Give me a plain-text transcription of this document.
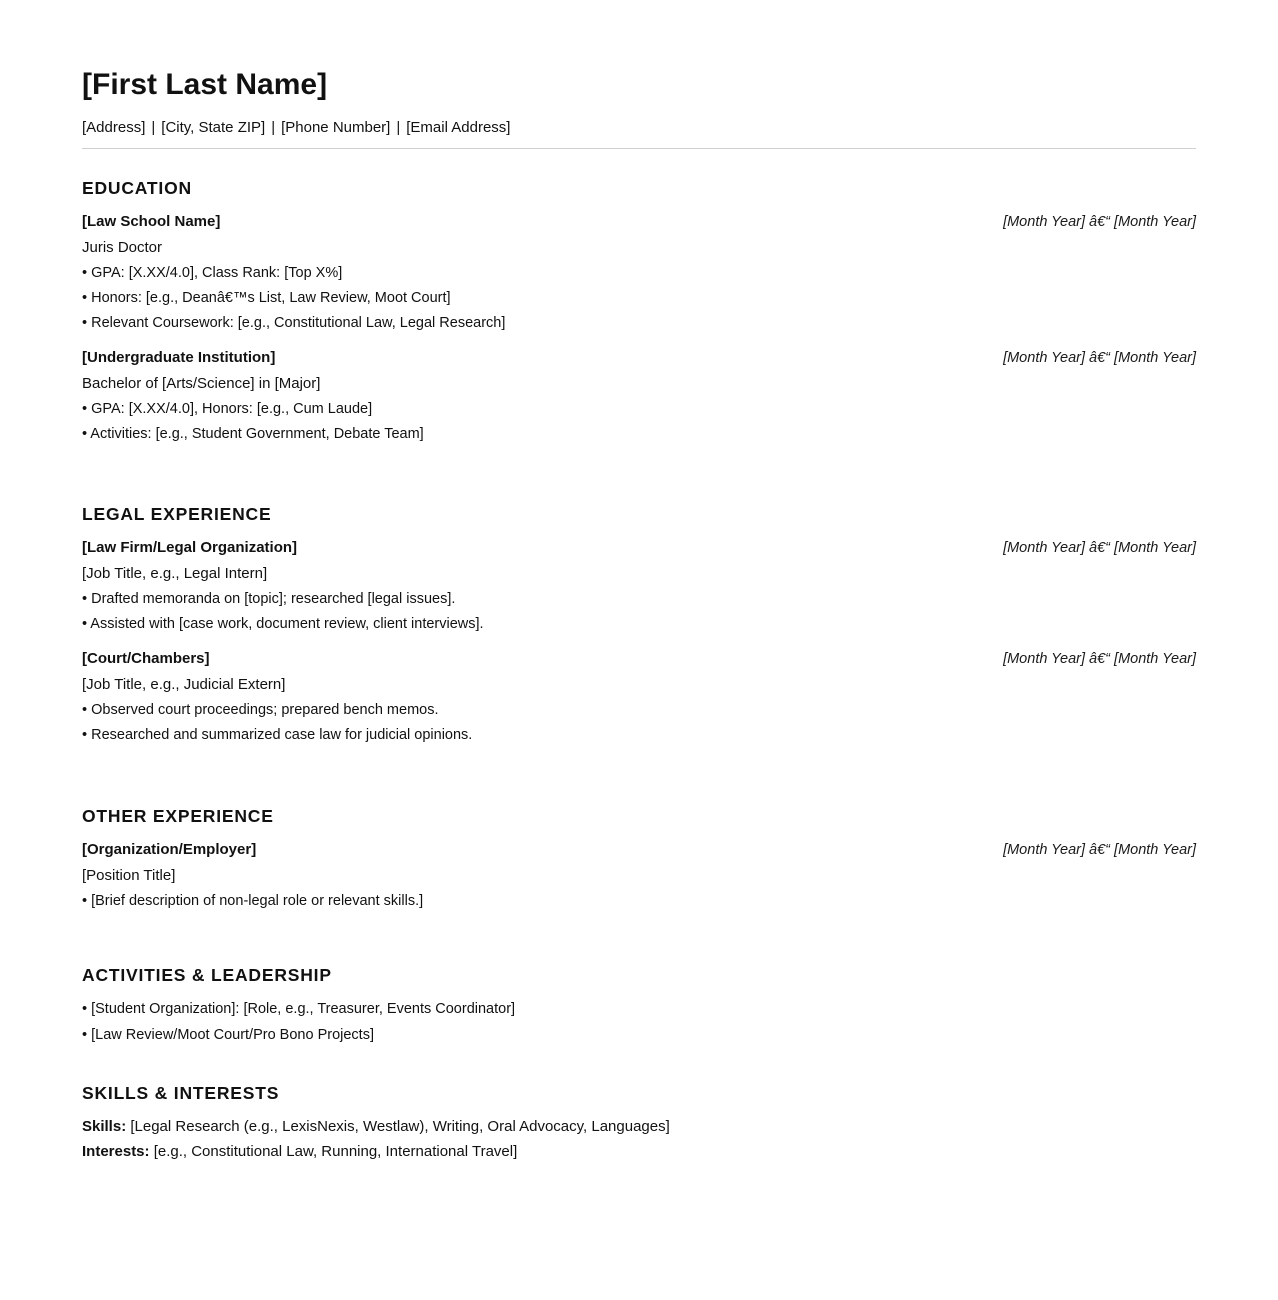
[First Last Name]
[Address] | [City, State ZIP] | [Phone Number] | [Email Address]
EDUCATION
[Law School Name]	[Month Year] â€“ [Month Year]
Juris Doctor
• GPA: [X.XX/4.0], Class Rank: [Top X%]
• Honors: [e.g., Deanâ€™s List, Law Review, Moot Court]
• Relevant Coursework: [e.g., Constitutional Law, Legal Research]
[Undergraduate Institution]	[Month Year] â€“ [Month Year]
Bachelor of [Arts/Science] in [Major]
• GPA: [X.XX/4.0], Honors: [e.g., Cum Laude]
• Activities: [e.g., Student Government, Debate Team]
LEGAL EXPERIENCE
[Law Firm/Legal Organization]	[Month Year] â€“ [Month Year]
[Job Title, e.g., Legal Intern]
• Drafted memoranda on [topic]; researched [legal issues].
• Assisted with [case work, document review, client interviews].
[Court/Chambers]	[Month Year] â€“ [Month Year]
[Job Title, e.g., Judicial Extern]
• Observed court proceedings; prepared bench memos.
• Researched and summarized case law for judicial opinions.
OTHER EXPERIENCE
[Organization/Employer]	[Month Year] â€“ [Month Year]
[Position Title]
• [Brief description of non-legal role or relevant skills.]
ACTIVITIES & LEADERSHIP
• [Student Organization]: [Role, e.g., Treasurer, Events Coordinator]
• [Law Review/Moot Court/Pro Bono Projects]
SKILLS & INTERESTS
Skills: [Legal Research (e.g., LexisNexis, Westlaw), Writing, Oral Advocacy, Languages]
Interests: [e.g., Constitutional Law, Running, International Travel]
